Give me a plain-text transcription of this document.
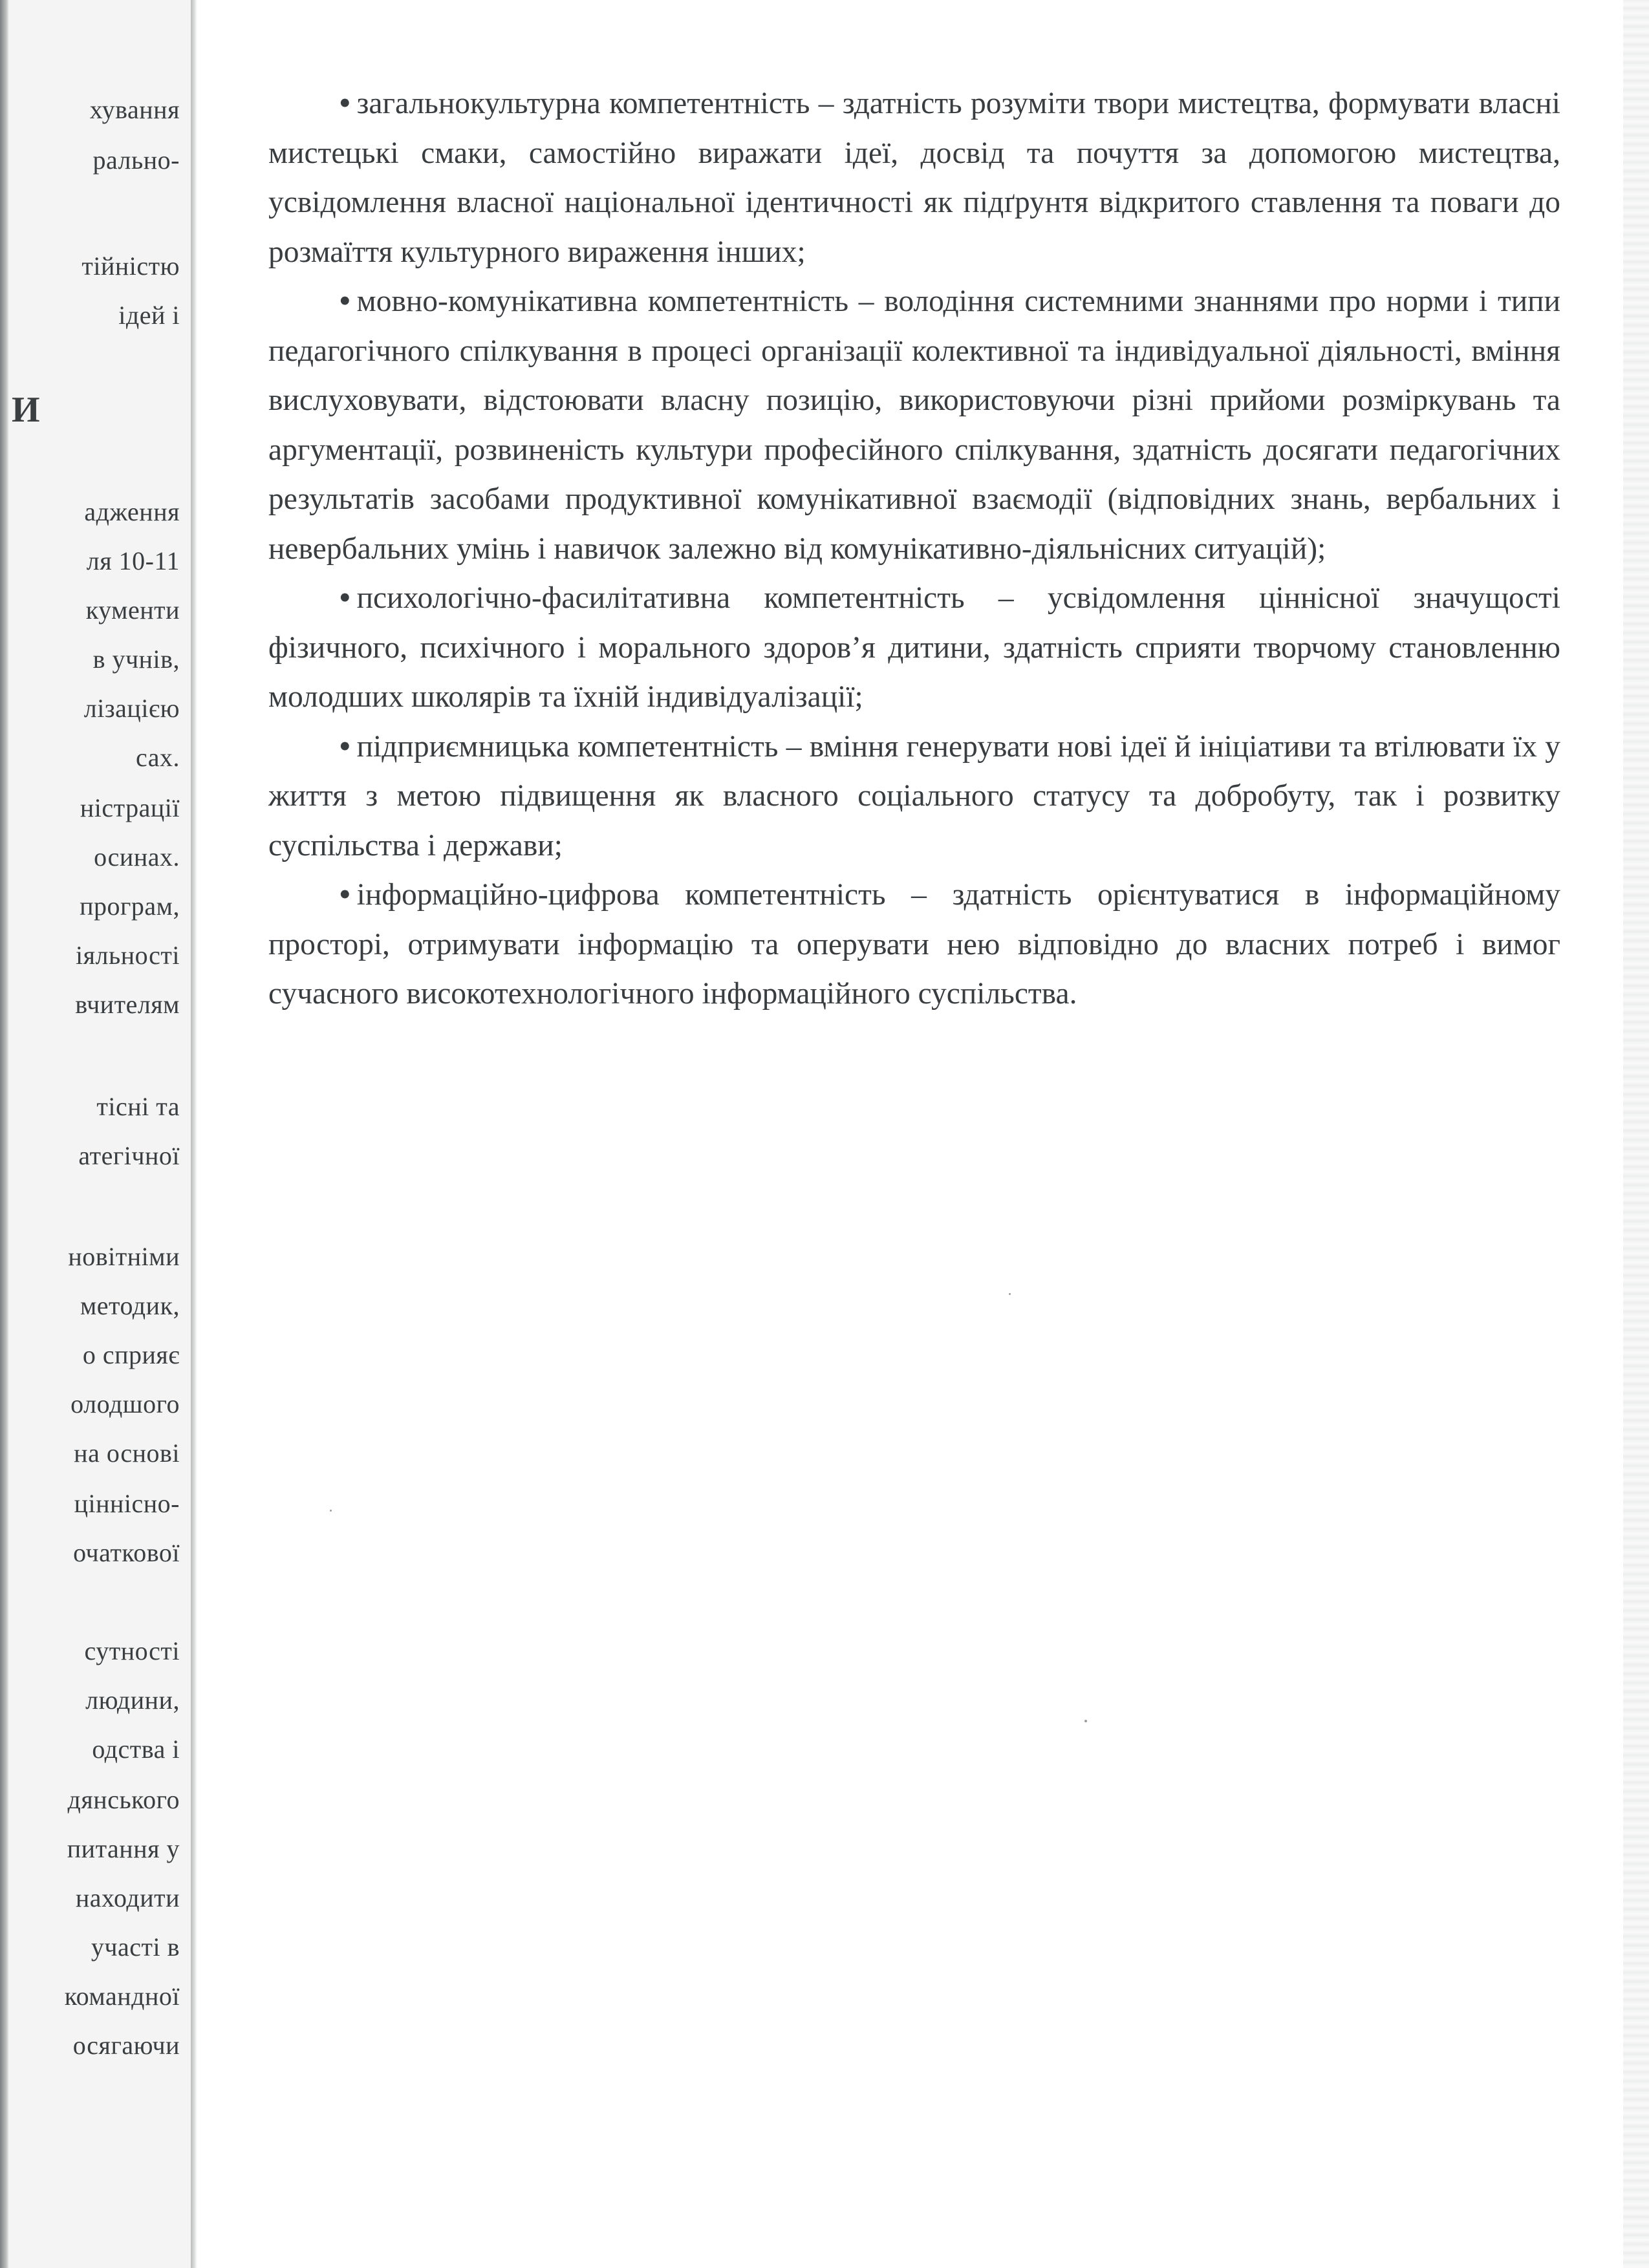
хування
рально-
тійністю
ідей і
И
адження
ля 10-11
кументи
в учнів,
лізацією
сах.
ністрації
осинах.
програм,
іяльності
вчителям
тісні та
атегічної
новітніми
методик,
о сприяє
олодшого
на основі
ціннісно-
очаткової
сутності
людини,
одства і
дянського
питання у
находити
участі в
командної
осягаючи

• загальнокультурна компетентність – здатність розуміти твори мистецтва, формувати власні мистецькі смаки, самостійно виражати ідеї, досвід та почуття за допомогою мистецтва, усвідомлення власної національної ідентичності як підґрунтя відкритого ставлення та поваги до розмаїття культурного вираження інших;

• мовно-комунікативна компетентність – володіння системними знаннями про норми і типи педагогічного спілкування в процесі організації колективної та індивідуальної діяльності, вміння вислуховувати, відстоювати власну позицію, використовуючи різні прийоми розміркувань та аргументації, розвиненість культури професійного спілкування, здатність досягати педагогічних результатів засобами продуктивної комунікативної взаємодії (відповідних знань, вербальних і невербальних умінь і навичок залежно від комунікативно-діяльнісних ситуацій);

• психологічно-фасилітативна компетентність – усвідомлення ціннісної значущості фізичного, психічного і морального здоров’я дитини, здатність сприяти творчому становленню молодших школярів та їхній індивідуалізації;

• підприємницька компетентність – вміння генерувати нові ідеї й ініціативи та втілювати їх у життя з метою підвищення як власного соціального статусу та добробуту, так і розвитку суспільства і держави;

• інформаційно-цифрова компетентність – здатність орієнтуватися в інформаційному просторі, отримувати інформацію та оперувати нею відповідно до власних потреб і вимог сучасного високотехнологічного інформаційного суспільства.
